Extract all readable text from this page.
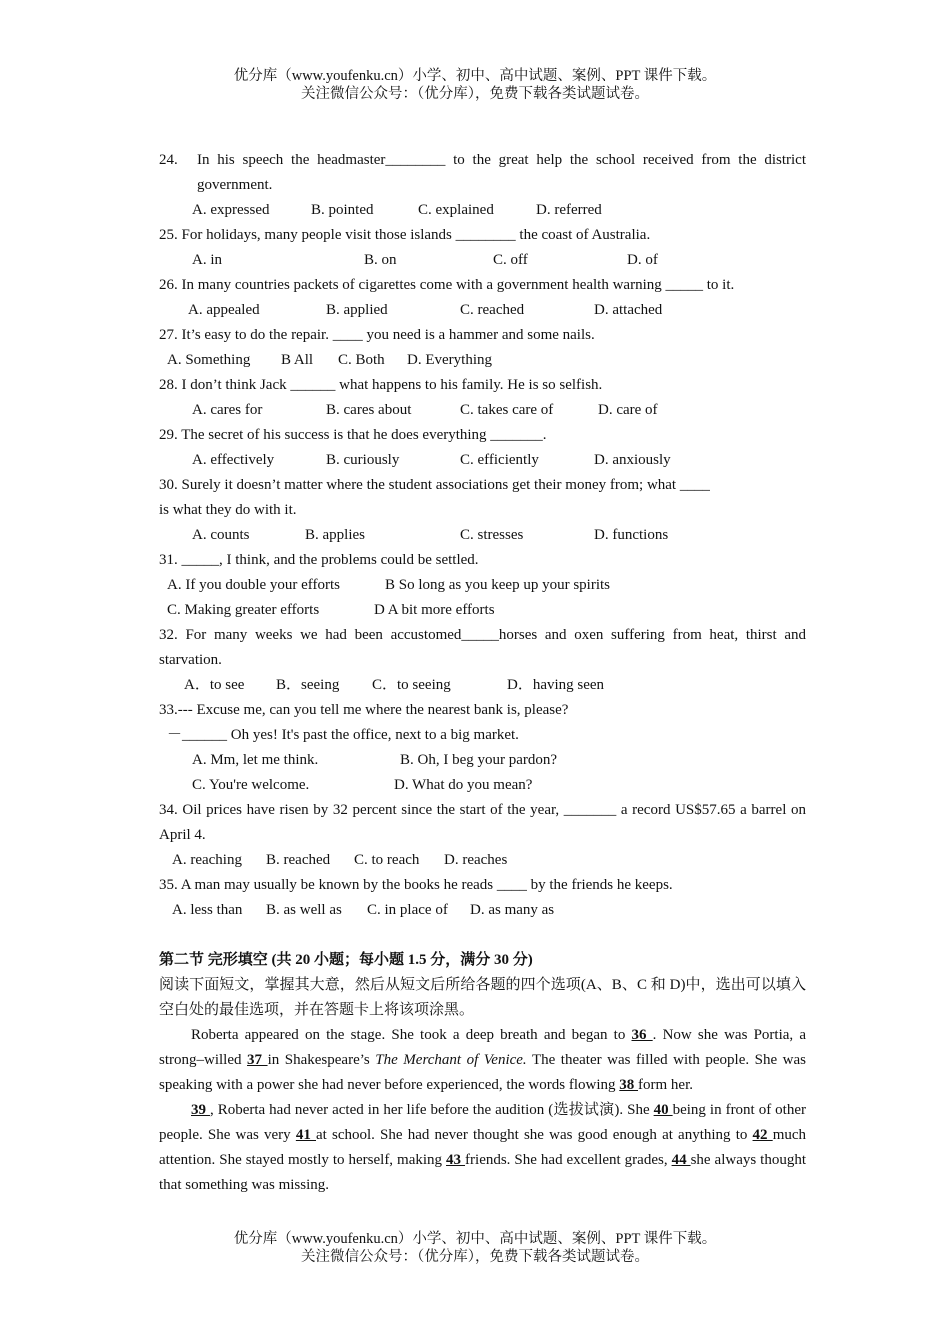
优分库（www.youfenku.cn）小学、初中、高中试题、案例、PPT 课件下载。
关注微信公众号：（优分库），免费下载各类试题试卷。
24.	In his speech the headmaster________ to the great help the school received from the district government.
A. expressed	B. pointed	C. explained	D. referred

25. For holidays, many people visit those islands ________ the coast of Australia.

A. in	B. on	C. off	D. of

26. In many countries packets of cigarettes come with a government health warning _____ to it.

A. appealed	B. applied	C. reached	D. attached

27. It’s easy to do the repair. ____ you need is a hammer and some nails.

A. Something	B All	C. Both	D. Everything

28. I don’t think Jack ______ what happens to his family. He is so selfish.

A. cares for	B. cares about	C. takes care of	D. care of

29. The secret of his success is that he does everything _______.

A. effectively	B. curiously	C. efficiently	D. anxiously

30. Surely it doesn’t matter where the student associations get their money from; what ____

is what they do with it.

A. counts	B. applies	C. stresses	D. functions

31. _____, I think, and the problems could be settled.

A. If you double your efforts	B So long as you keep up your spirits
C. Making greater efforts	D A bit more efforts

32. For many weeks we had been accustomed_____horses and oxen suffering from heat, thirst and starvation.

A．to see	B．seeing	C．to seeing	D．having seen

33.--- Excuse me, can you tell me where the nearest bank is, please?

－______ Oh yes! It's past the office, next to a big market.

A. Mm, let me think.	B. Oh, I beg your pardon?
C. You're welcome.	D. What do you mean?

34. Oil prices have risen by 32 percent since the start of the year, _______ a record US$57.65 a barrel on April 4.

A. reaching	B. reached	C. to reach	D. reaches

35. A man may usually be known by the books he reads ____ by the friends he keeps.

A. less than	B. as well as	C. in place of	D. as many as

第二节 完形填空 (共 20 小题；每小题 1.5 分，满分 30 分)

阅读下面短文，掌握其大意，然后从短文后所给各题的四个选项(A、B、C 和 D)中，选出可以填入空白处的最佳选项，并在答题卡上将该项涂黑。

Roberta appeared on the stage. She took a deep breath and began to 36 . Now she was Portia, a strong–willed 37 in Shakespeare’s The Merchant of Venice. The theater was filled with people. She was speaking with a power she had never before experienced, the words flowing 38 form her.

39 , Roberta had never acted in her life before the audition (选拔试演). She 40 being in front of other people. She was very 41 at school. She had never thought she was good enough at anything to 42 much attention. She stayed mostly to herself, making 43 friends. She had excellent grades, 44 she always thought that something was missing.

优分库（www.youfenku.cn）小学、初中、高中试题、案例、PPT 课件下载。
关注微信公众号：（优分库），免费下载各类试题试卷。
